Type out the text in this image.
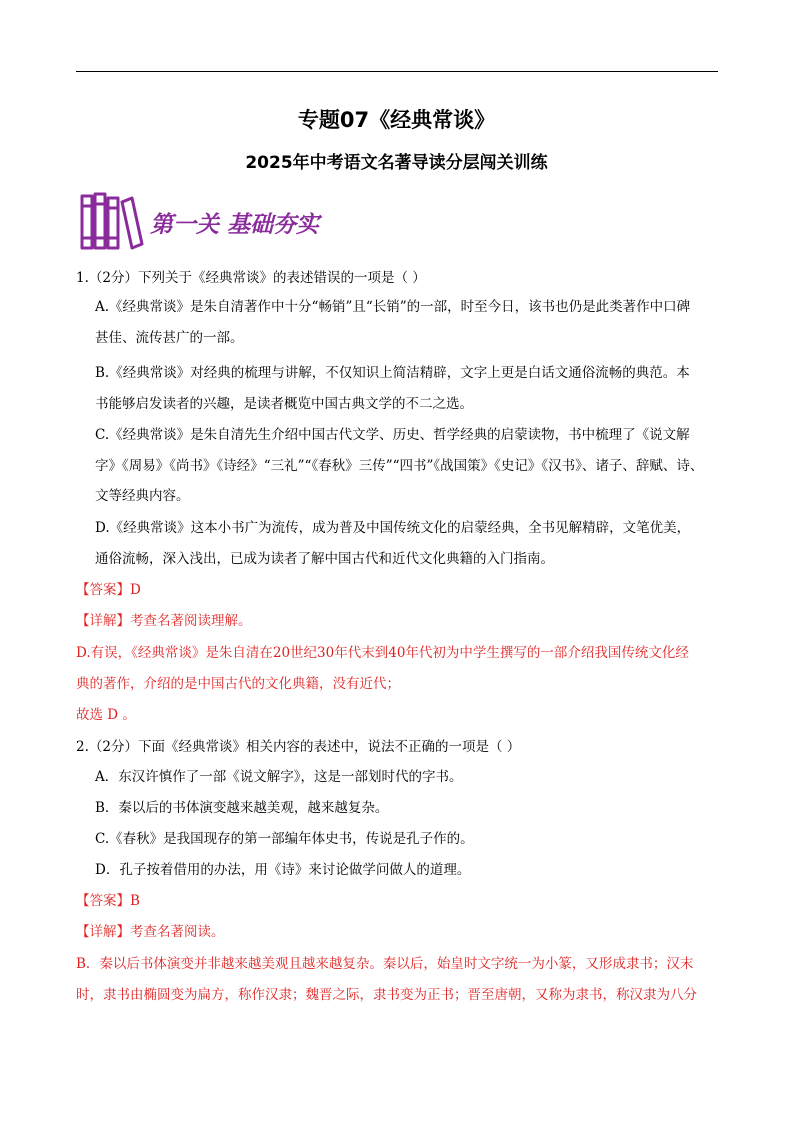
专题07《经典常谈》
2025年中考语文名著导读分层闯关训练
第一关 基础夯实
1.（2分）下列关于《经典常谈》的表述错误的一项是（ ）
A.《经典常谈》是朱自清著作中十分“畅销”且“长销”的一部，时至今日，该书也仍是此类著作中口碑
甚佳、流传甚广的一部。
B.《经典常谈》对经典的梳理与讲解，不仅知识上简洁精辟，文字上更是白话文通俗流畅的典范。本
书能够启发读者的兴趣，是读者概览中国古典文学的不二之选。
C.《经典常谈》是朱自清先生介绍中国古代文学、历史、哲学经典的启蒙读物，书中梳理了《说文解
字》《周易》《尚书》《诗经》“三礼”“《春秋》三传”“四书”《战国策》《史记》《汉书》、诸子、辞赋、诗、
文等经典内容。
D.《经典常谈》这本小书广为流传，成为普及中国传统文化的启蒙经典，全书见解精辟，文笔优美，
通俗流畅，深入浅出，已成为读者了解中国古代和近代文化典籍的入门指南。
【答案】D
【详解】考查名著阅读理解。
D.有误，《经典常谈》是朱自清在20世纪30年代末到40年代初为中学生撰写的一部介绍我国传统文化经
典的著作，介绍的是中国古代的文化典籍，没有近代；
故选 D 。
2.（2分）下面《经典常谈》相关内容的表述中，说法不正确的一项是（ ）
A．东汉许慎作了一部《说文解字》，这是一部划时代的字书。
B．秦以后的书体演变越来越美观，越来越复杂。
C.《春秋》是我国现存的第一部编年体史书，传说是孔子作的。
D．孔子按着借用的办法，用《诗》来讨论做学问做人的道理。
【答案】B
【详解】考查名著阅读。
B．秦以后书体演变并非越来越美观且越来越复杂。秦以后，始皇时文字统一为小篆，又形成隶书；汉末
时，隶书由椭圆变为扁方，称作汉隶；魏晋之际，隶书变为正书；晋至唐朝，又称为隶书，称汉隶为八分
